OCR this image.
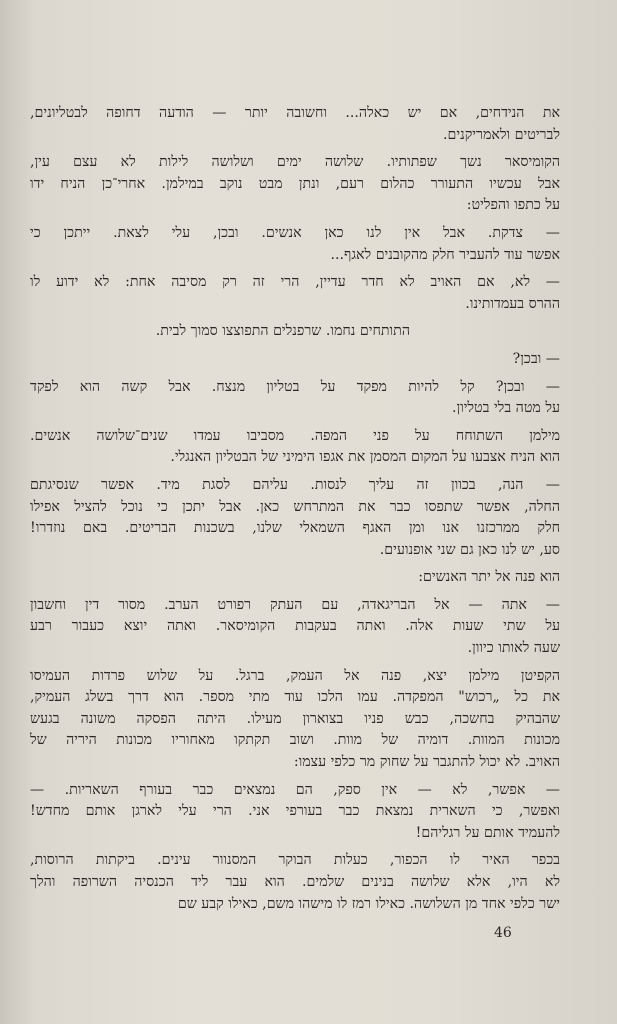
את הנידחים, אם יש כאלה... וחשובה יותר — הודעה דחופה לבטליונים,
לבריטים ולאמריקנים.
הקומיסאר נשך שפתותיו. שלושה ימים ושלושה לילות לא עצם עין,
אבל עכשיו התעורר כהלום רעם, ונתן מבט נוקב במילמן. אחרי־כן הניח ידו
על כתפו והפליט:
— צדקת. אבל אין לנו כאן אנשים. ובכן, עלי לצאת. ייתכן כי
אפשר עוד להעביר חלק מהקובנים לאגף...
— לא, אם האויב לא חדר עדיין, הרי זה רק מסיבה אחת: לא ידוע לו
ההרס בעמדותינו.
התותחים נחמו. שרפנלים התפוצצו סמוך לבית.
— ובכן?
— ובכן? קל להיות מפקד על בטליון מנצח. אבל קשה הוא לפקד
על מטה בלי בטליון.
מילמן השתוחח על פני המפה. מסביבו עמדו שנים־שלושה אנשים.
הוא הניח אצבעו על המקום המסמן את אגפו הימיני של הבטליון האנגלי.
— הנה, בכוון זה עליך לנסות. עליהם לסגת מיד. אפשר שנסיגתם
החלה, אפשר שתפסו כבר את המתרחש כאן. אבל יתכן כי נוכל להציל אפילו
חלק ממרכזנו אנו ומן האגף השמאלי שלנו, בשכנות הבריטים. באם נוזדרו!
סע, יש לנו כאן גם שני אופנועים.
הוא פנה אל יתר האנשים:
— אתה — אל הבריגאדה, עם העתק רפורט הערב. מסור דין וחשבון
על שתי שעות אלה. ואתה בעקבות הקומיסאר. ואתה יוצא כעבור רבע
שעה לאותו כיוון.
הקפיטן מילמן יצא, פנה אל העמק, ברגל. על שלוש פרדות העמיסו
את כל „רכוש" המפקדה. עמו הלכו עוד מתי מספר. הוא דרך בשלג העמיק,
שהבהיק בחשכה, כבש פניו בצוארון מעילו. היתה הפסקה משונה בגעש
מכונות המוות. דומיה של מוות. ושוב תקתקו מאחוריו מכונות היריה של
האויב. לא יכול להתגבר על שחוק מר כלפי עצמו:
— אפשר, לא — אין ספק, הם נמצאים כבר בעורף השאריות. —
ואפשר, כי השארית נמצאת כבר בעורפי אני. הרי עלי לארגן אותם מחדש!
להעמיד אותם על רגליהם!
בכפר האיר לו הכפור, כעלות הבוקר המסנוור עינים. ביקתות הרוסות,
לא היו, אלא שלושה בנינים שלמים. הוא עבר ליד הכנסיה השרופה והלך
ישר כלפי אחד מן השלושה. כאילו רמז לו מישהו משם, כאילו קבע שם
46
